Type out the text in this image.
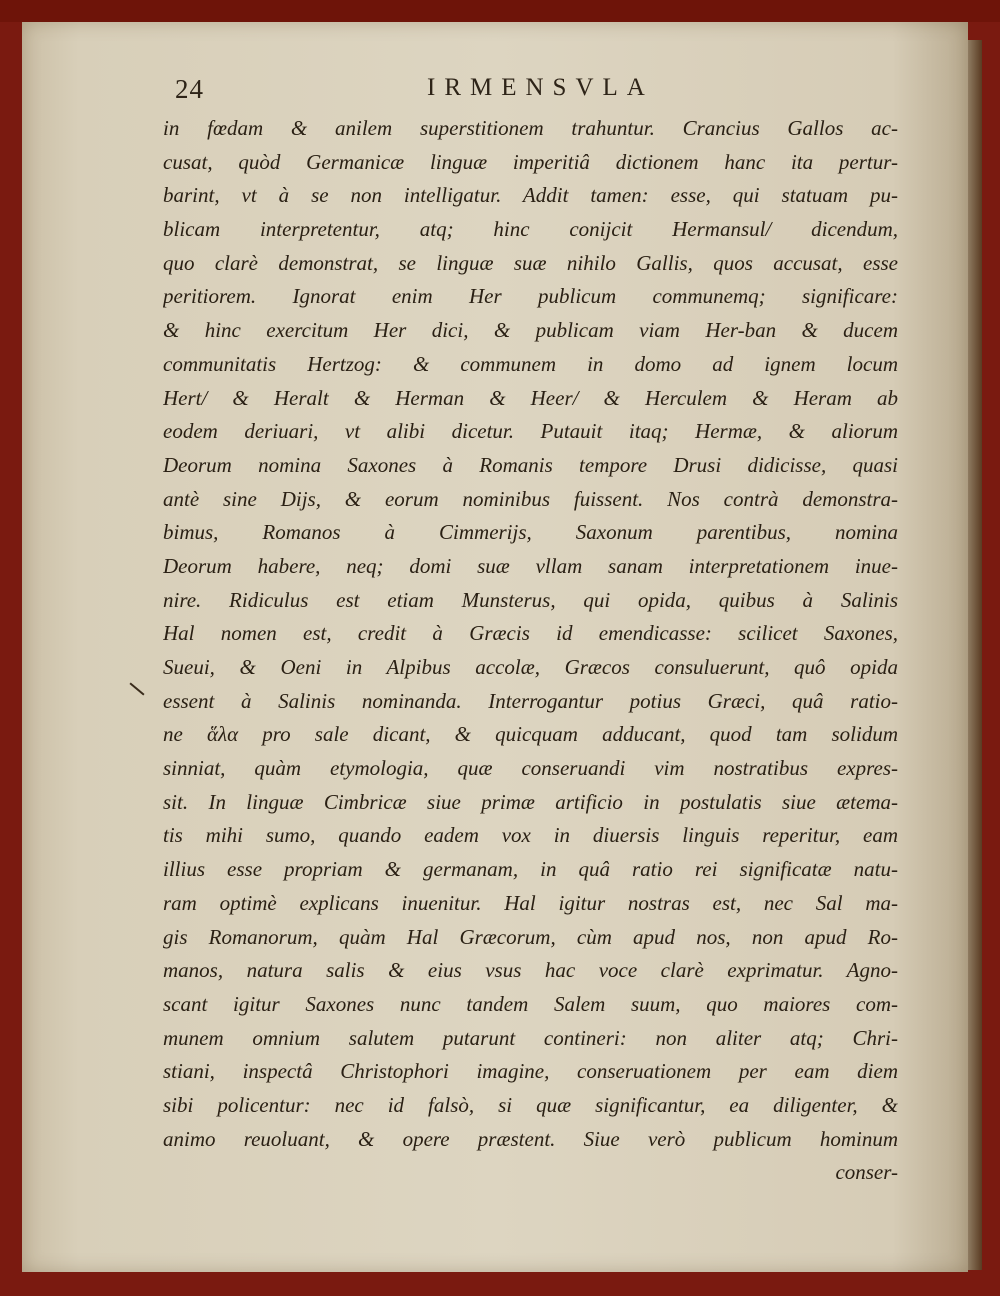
24	IRMENSVLA
in fœdam & anilem superstitionem trahuntur. Crancius Gallos ac-
cusat, quòd Germanicæ linguæ imperitiâ dictionem hanc ita pertur-
barint, vt à se non intelligatur. Addit tamen: esse, qui statuam pu-
blicam interpretentur, atq; hinc conijcit Hermansul/ dicendum,
quo clarè demonstrat, se linguæ suæ nihilo Gallis, quos accusat, esse
peritiorem. Ignorat enim Her publicum communemq; significare:
& hinc exercitum Her dici, & publicam viam Her-ban & ducem
communitatis Hertzog: & communem in domo ad ignem locum
Hert/ & Heralt & Herman & Heer/ & Herculem & Heram ab
eodem deriuari, vt alibi dicetur. Putauit itaq; Hermæ, & aliorum
Deorum nomina Saxones à Romanis tempore Drusi didicisse, quasi
antè sine Dijs, & eorum nominibus fuissent. Nos contrà demonstra-
bimus, Romanos à Cimmerijs, Saxonum parentibus, nomina
Deorum habere, neq; domi suæ vllam sanam interpretationem inue-
nire. Ridiculus est etiam Munsterus, qui opida, quibus à Salinis
Hal nomen est, credit à Græcis id emendicasse: scilicet Saxones,
Sueui, & Oeni in Alpibus accolæ, Græcos consuluerunt, quô opida
essent à Salinis nominanda. Interrogantur potius Græci, quâ ratio-
ne ἅλα pro sale dicant, & quicquam adducant, quod tam solidum
sinniat, quàm etymologia, quæ conseruandi vim nostratibus expres-
sit. In linguæ Cimbricæ siue primæ artificio in postulatis siue ætema-
tis mihi sumo, quando eadem vox in diuersis linguis reperitur, eam
illius esse propriam & germanam, in quâ ratio rei significatæ natu-
ram optimè explicans inuenitur. Hal igitur nostras est, nec Sal ma-
gis Romanorum, quàm Hal Græcorum, cùm apud nos, non apud Ro-
manos, natura salis & eius vsus hac voce clarè exprimatur. Agno-
scant igitur Saxones nunc tandem Salem suum, quo maiores com-
munem omnium salutem putarunt contineri: non aliter atq; Chri-
stiani, inspectâ Christophori imagine, conseruationem per eam diem
sibi policentur: nec id falsò, si quæ significantur, ea diligenter, &
animo reuoluant, & opere præstent. Siue verò publicum hominum
conser-
